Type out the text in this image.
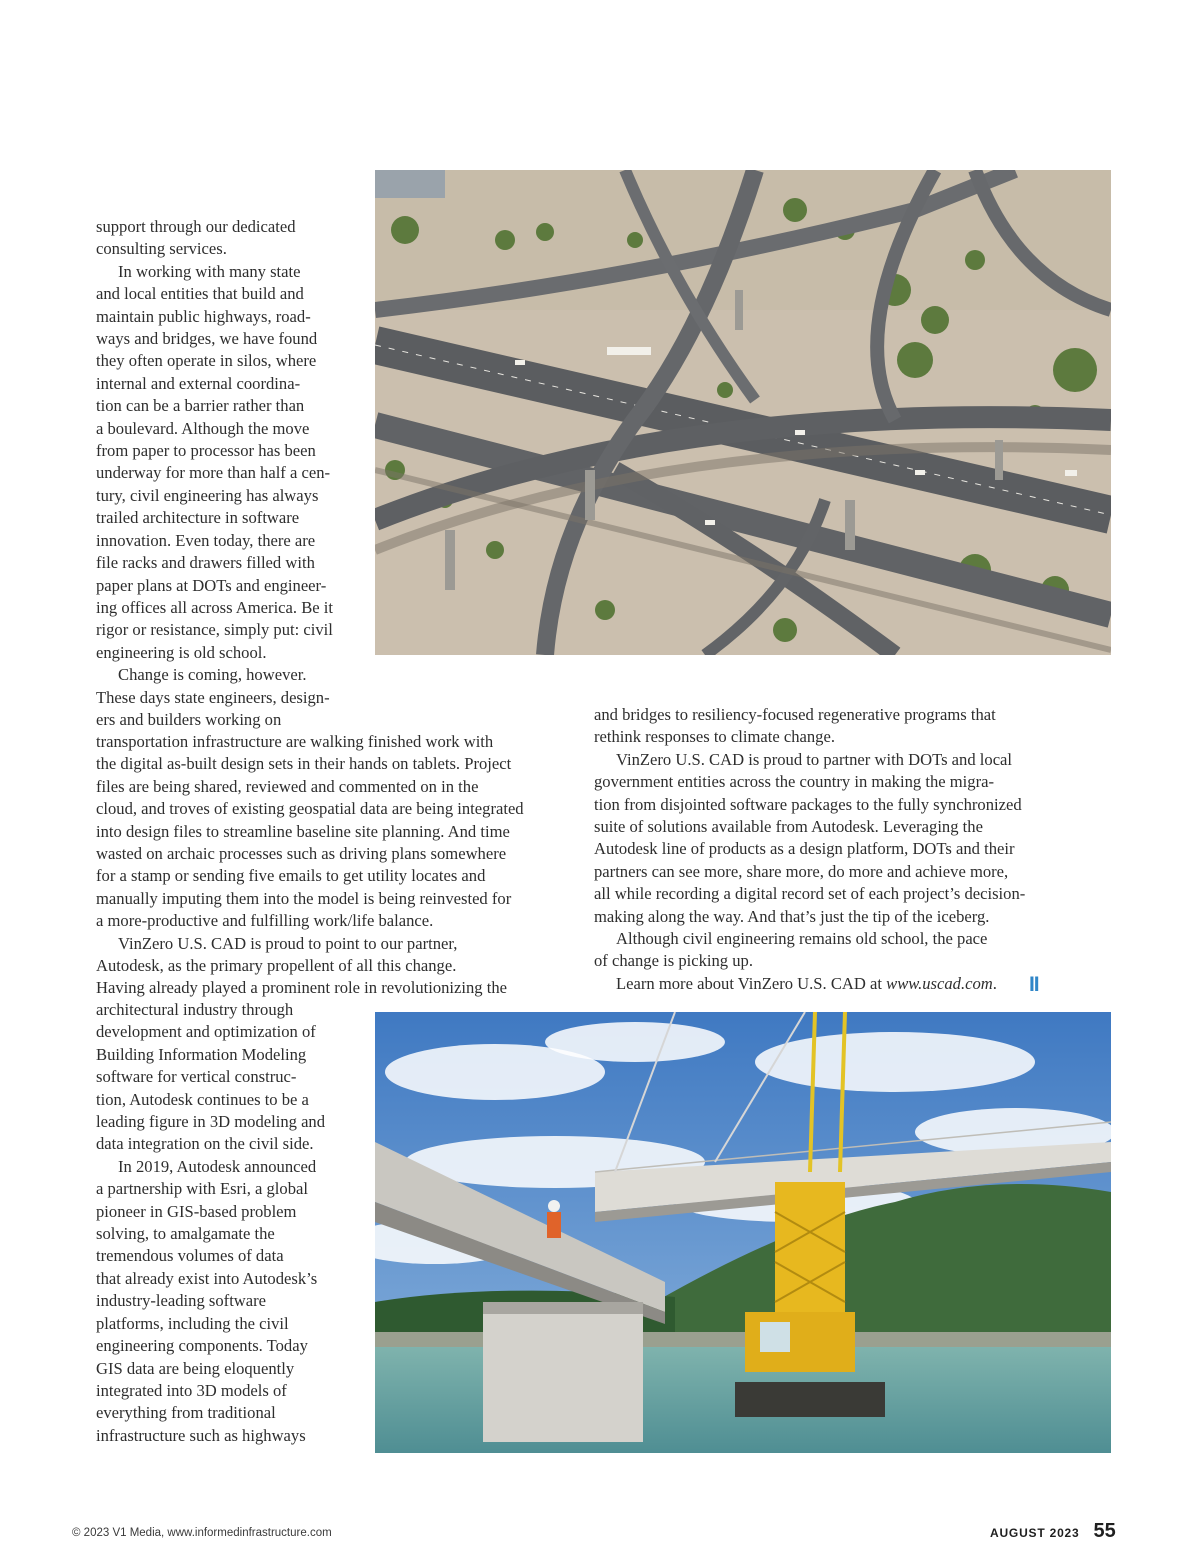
support through our dedicated
consulting services.
In working with many state
and local entities that build and
maintain public highways, road-
ways and bridges, we have found
they often operate in silos, where
internal and external coordina-
tion can be a barrier rather than
a boulevard. Although the move
from paper to processor has been
underway for more than half a cen-
tury, civil engineering has always
trailed architecture in software
innovation. Even today, there are
file racks and drawers filled with
paper plans at DOTs and engineer-
ing offices all across America. Be it
rigor or resistance, simply put: civil
engineering is old school.
Change is coming, however.
These days state engineers, design-
ers and builders working on
transportation infrastructure are walking finished work with
the digital as-built design sets in their hands on tablets. Project
files are being shared, reviewed and commented on in the
cloud, and troves of existing geospatial data are being integrated
into design files to streamline baseline site planning. And time
wasted on archaic processes such as driving plans somewhere
for a stamp or sending five emails to get utility locates and
manually imputing them into the model is being reinvested for
a more-productive and fulfilling work/life balance.
VinZero U.S. CAD is proud to point to our partner,
Autodesk, as the primary propellent of all this change.
Having already played a prominent role in revolutionizing the
architectural industry through
development and optimization of
Building Information Modeling
software for vertical construc-
tion, Autodesk continues to be a
leading figure in 3D modeling and
data integration on the civil side.
In 2019, Autodesk announced
a partnership with Esri, a global
pioneer in GIS-based problem
solving, to amalgamate the
tremendous volumes of data
that already exist into Autodesk’s
industry-leading software
platforms, including the civil
engineering components. Today
GIS data are being eloquently
integrated into 3D models of
everything from traditional
infrastructure such as highways
and bridges to resiliency-focused regenerative programs that
rethink responses to climate change.
VinZero U.S. CAD is proud to partner with DOTs and local
government entities across the country in making the migra-
tion from disjointed software packages to the fully synchronized
suite of solutions available from Autodesk. Leveraging the
Autodesk line of products as a design platform, DOTs and their
partners can see more, share more, do more and achieve more,
all while recording a digital record set of each project’s decision-
making along the way. And that’s just the tip of the iceberg.
Although civil engineering remains old school, the pace
of change is picking up.
Learn more about VinZero U.S. CAD at www.uscad.com. II
© 2023 V1 Media, www.informedinfrastructure.com	AUGUST 2023 55
